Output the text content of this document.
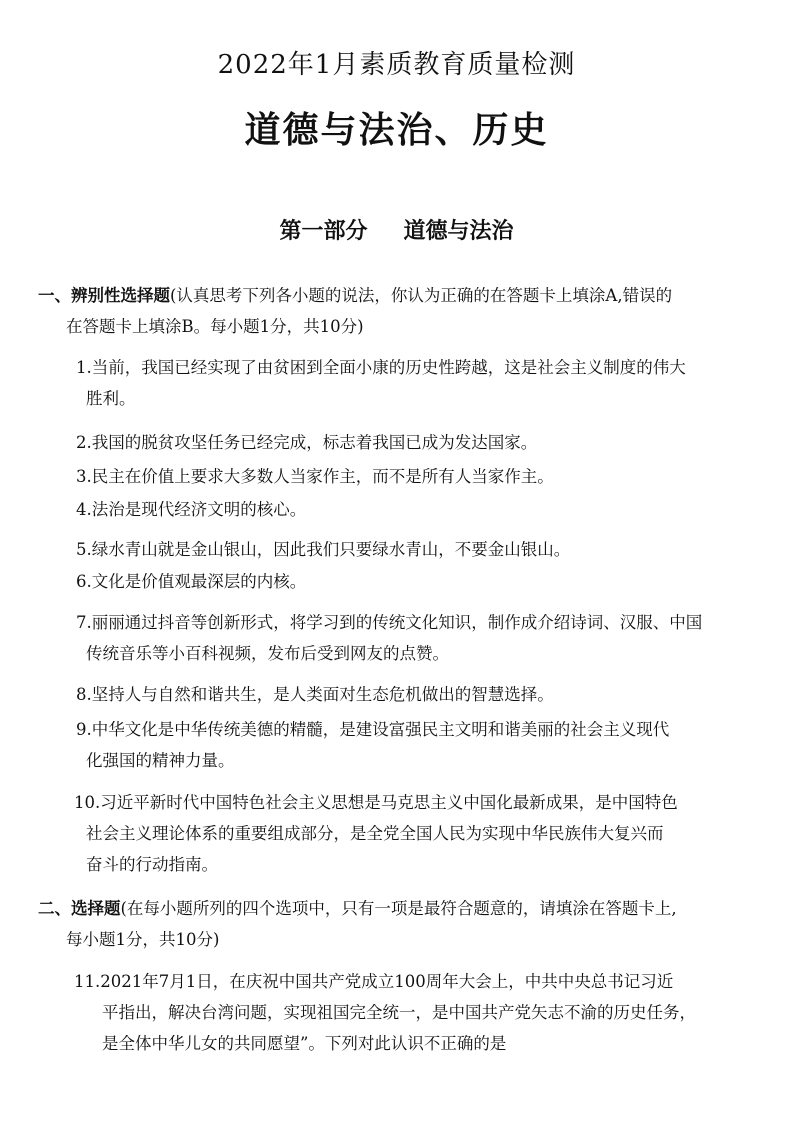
2022年1月素质教育质量检测
道德与法治、历史
第一部分 道德与法治
一、辨别性选择题(认真思考下列各小题的说法，你认为正确的在答题卡上填涂A,错误的
在答题卡上填涂B。每小题1分，共10分)
1.当前，我国已经实现了由贫困到全面小康的历史性跨越，这是社会主义制度的伟大
胜利。
2.我国的脱贫攻坚任务已经完成，标志着我国已成为发达国家。
3.民主在价值上要求大多数人当家作主，而不是所有人当家作主。
4.法治是现代经济文明的核心。
5.绿水青山就是金山银山，因此我们只要绿水青山，不要金山银山。
6.文化是价值观最深层的内核。
7.丽丽通过抖音等创新形式，将学习到的传统文化知识，制作成介绍诗词、汉服、中国
传统音乐等小百科视频，发布后受到网友的点赞。
8.坚持人与自然和谐共生，是人类面对生态危机做出的智慧选择。
9.中华文化是中华传统美德的精髓，是建设富强民主文明和谐美丽的社会主义现代
化强国的精神力量。
10.习近平新时代中国特色社会主义思想是马克思主义中国化最新成果，是中国特色
社会主义理论体系的重要组成部分，是全党全国人民为实现中华民族伟大复兴而
奋斗的行动指南。
二、选择题(在每小题所列的四个选项中，只有一项是最符合题意的，请填涂在答题卡上,
每小题1分，共10分)
11.2021年7月1日，在庆祝中国共产党成立100周年大会上，中共中央总书记习近
平指出，解决台湾问题，实现祖国完全统一，是中国共产党矢志不渝的历史任务，
是全体中华儿女的共同愿望”。下列对此认识不正确的是
